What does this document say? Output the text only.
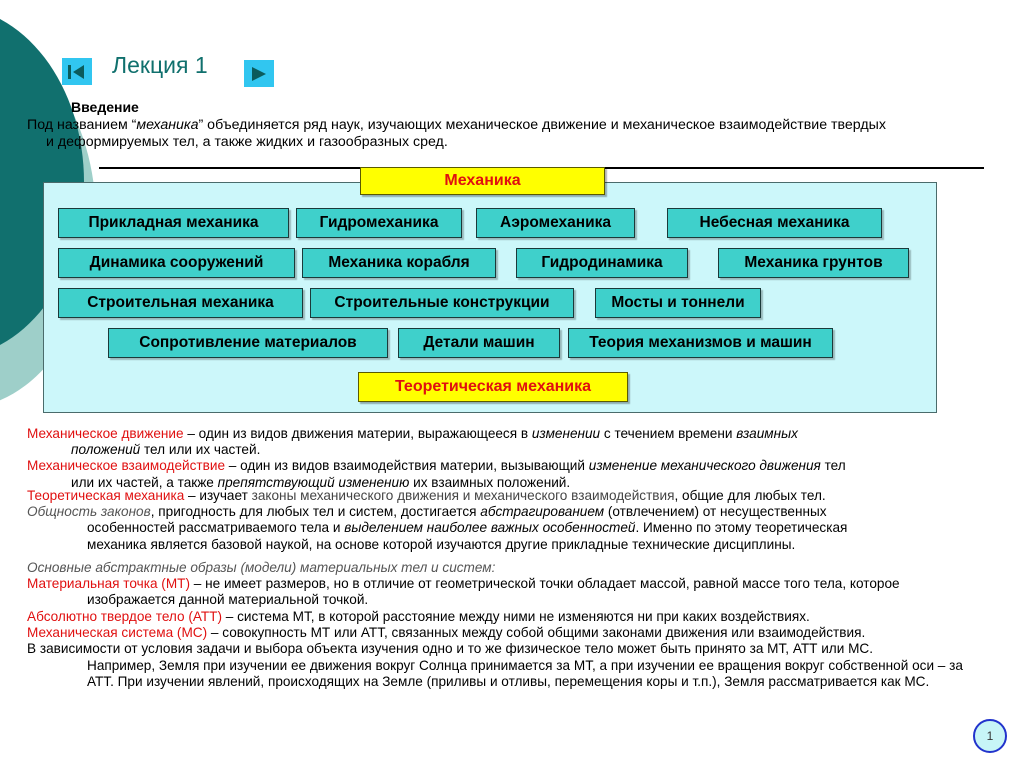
Лекция 1
Введение
Под названием “механика” объединяется ряд наук, изучающих механическое движение и механическое взаимодействие твердых
и деформируемых тел, а также жидких и газообразных сред.
Прикладная механика	Гидромеханика	Аэромеханика	Небесная механика
Динамика сооружений	Механика корабля	Гидродинамика	Механика грунтов
Строительная механика	Строительные конструкции	Мосты и тоннели
Сопротивление материалов	Детали машин	Теория механизмов и машин
Теоретическая механика
Механика

Механическое движение – один из видов движения материи, выражающееся в изменении с течением времени взаимных

положений тел или их частей.

Механическое взаимодействие – один из видов взаимодействия материи, вызывающий изменение механического движения тел

или их частей, а также препятствующий изменению их взаимных положений.

Теоретическая механика – изучает законы механического движения и механического взаимодействия, общие для любых тел.

Общность законов, пригодность для любых тел и систем, достигается абстрагированием (отвлечением) от несущественных

особенностей рассматриваемого тела и выделением наиболее важных особенностей. Именно по этому теоретическая

механика является базовой наукой, на основе которой изучаются другие прикладные технические дисциплины.

Основные абстрактные образы (модели) материальных тел и систем:

Материальная точка (МТ) – не имеет размеров, но в отличие от геометрической точки обладает массой, равной массе того тела, которое

изображается данной материальной точкой.

Абсолютно твердое тело (АТТ) – система МТ, в которой расстояние между ними не изменяются ни при каких воздействиях.

Механическая система (МС) – совокупность МТ или АТТ, связанных между собой общими законами движения или взаимодействия.

В зависимости от условия задачи и выбора объекта изучения одно и то же физическое тело может быть принято за МТ, АТТ или МС.

Например, Земля при изучении ее движения вокруг Солнца принимается за МТ, а при изучении ее вращения вокруг собственной оси – за

АТТ. При изучении явлений, происходящих на Земле (приливы и отливы, перемещения коры и т.п.), Земля рассматривается как МС.

1
